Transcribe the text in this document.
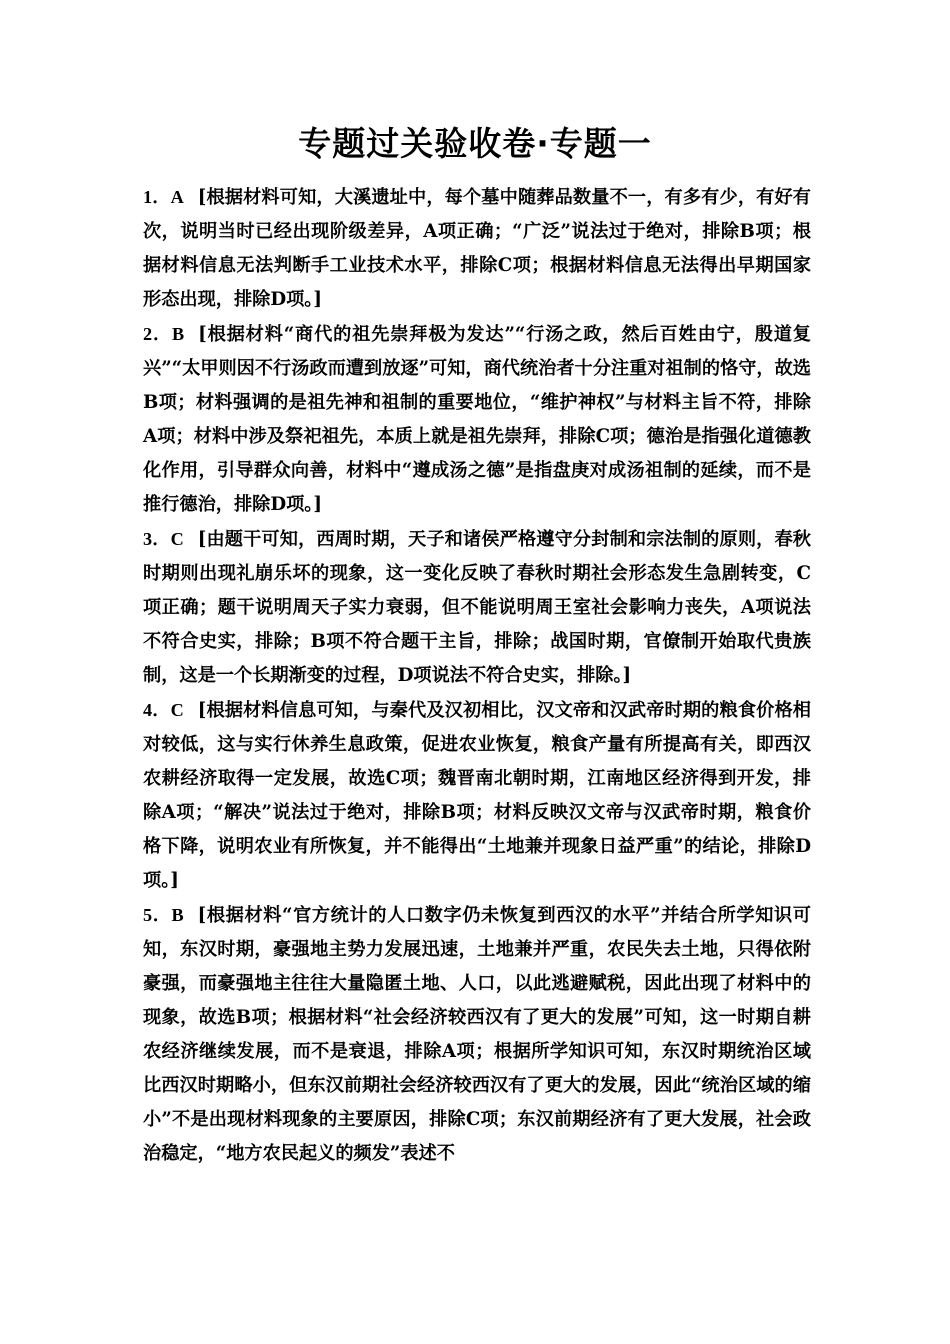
专题过关验收卷·专题一

1．A [根据材料可知，大溪遗址中，每个墓中随葬品数量不一，有多有少，有好有次，说明当时已经出现阶级差异，A项正确；“广泛”说法过于绝对，排除B项；根据材料信息无法判断手工业技术水平，排除C项；根据材料信息无法得出早期国家形态出现，排除D项。]

2．B [根据材料“商代的祖先崇拜极为发达”“行汤之政，然后百姓由宁，殷道复兴”“太甲则因不行汤政而遭到放逐”可知，商代统治者十分注重对祖制的恪守，故选B项；材料强调的是祖先神和祖制的重要地位，“维护神权”与材料主旨不符，排除A项；材料中涉及祭祀祖先，本质上就是祖先崇拜，排除C项；德治是指强化道德教化作用，引导群众向善，材料中“遵成汤之德”是指盘庚对成汤祖制的延续，而不是推行德治，排除D项。]

3．C [由题干可知，西周时期，天子和诸侯严格遵守分封制和宗法制的原则，春秋时期则出现礼崩乐坏的现象，这一变化反映了春秋时期社会形态发生急剧转变，C项正确；题干说明周天子实力衰弱，但不能说明周王室社会影响力丧失，A项说法不符合史实，排除；B项不符合题干主旨，排除；战国时期，官僚制开始取代贵族制，这是一个长期渐变的过程，D项说法不符合史实，排除。]

4．C [根据材料信息可知，与秦代及汉初相比，汉文帝和汉武帝时期的粮食价格相对较低，这与实行休养生息政策，促进农业恢复，粮食产量有所提高有关，即西汉农耕经济取得一定发展，故选C项；魏晋南北朝时期，江南地区经济得到开发，排除A项；“解决”说法过于绝对，排除B项；材料反映汉文帝与汉武帝时期，粮食价格下降，说明农业有所恢复，并不能得出“土地兼并现象日益严重”的结论，排除D项。]

5．B [根据材料“官方统计的人口数字仍未恢复到西汉的水平”并结合所学知识可知，东汉时期，豪强地主势力发展迅速，土地兼并严重，农民失去土地，只得依附豪强，而豪强地主往往大量隐匿土地、人口，以此逃避赋税，因此出现了材料中的现象，故选B项；根据材料“社会经济较西汉有了更大的发展”可知，这一时期自耕农经济继续发展，而不是衰退，排除A项；根据所学知识可知，东汉时期统治区域比西汉时期略小，但东汉前期社会经济较西汉有了更大的发展，因此“统治区域的缩小”不是出现材料现象的主要原因，排除C项；东汉前期经济有了更大发展，社会政治稳定，“地方农民起义的频发”表述不
